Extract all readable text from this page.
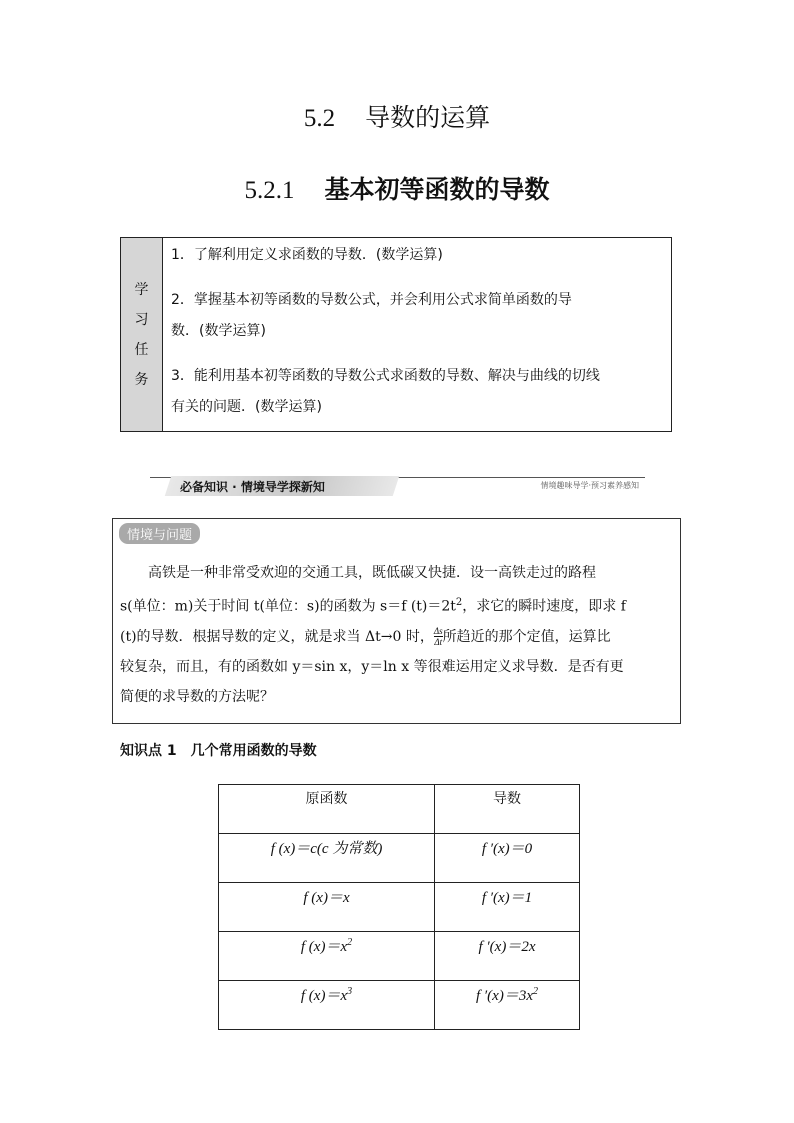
5.2 导数的运算
5.2.1 基本初等函数的导数
学
习
任
务

1．了解利用定义求函数的导数．(数学运算)

2．掌握基本初等函数的导数公式，并会利用公式求简单函数的导

数．(数学运算)

3．能利用基本初等函数的导数公式求函数的导数、解决与曲线的切线

有关的问题．(数学运算)

必备知识 · 情境导学探新知	情境趣味导学·预习素养感知
情境与问题
高铁是一种非常受欢迎的交通工具，既低碳又快捷．设一高铁走过的路程
s(单位：m)关于时间 t(单位：s)的函数为 s＝f $(t)=2t^2$，求它的瞬时速度，即求 f
(t)的导数．根据导数的定义，就是求当 Δt→0 时， $\frac{\Delta s}{\Delta t}$ 所趋近的那个定值，运算比
较复杂，而且，有的函数如 y＝sin x，y＝ln x 等很难运用定义求导数．是否有更
简便的求导数的方法呢？
知识点 1 几个常用函数的导数
原函数	导数
f (x)＝c(c 为常数)	f ′(x)＝0
f (x)＝x	f ′(x)＝1
f $(x)=x^2$	f ′(x)＝2x
f $(x)=x^3$	f $'(x)=3x^2$
